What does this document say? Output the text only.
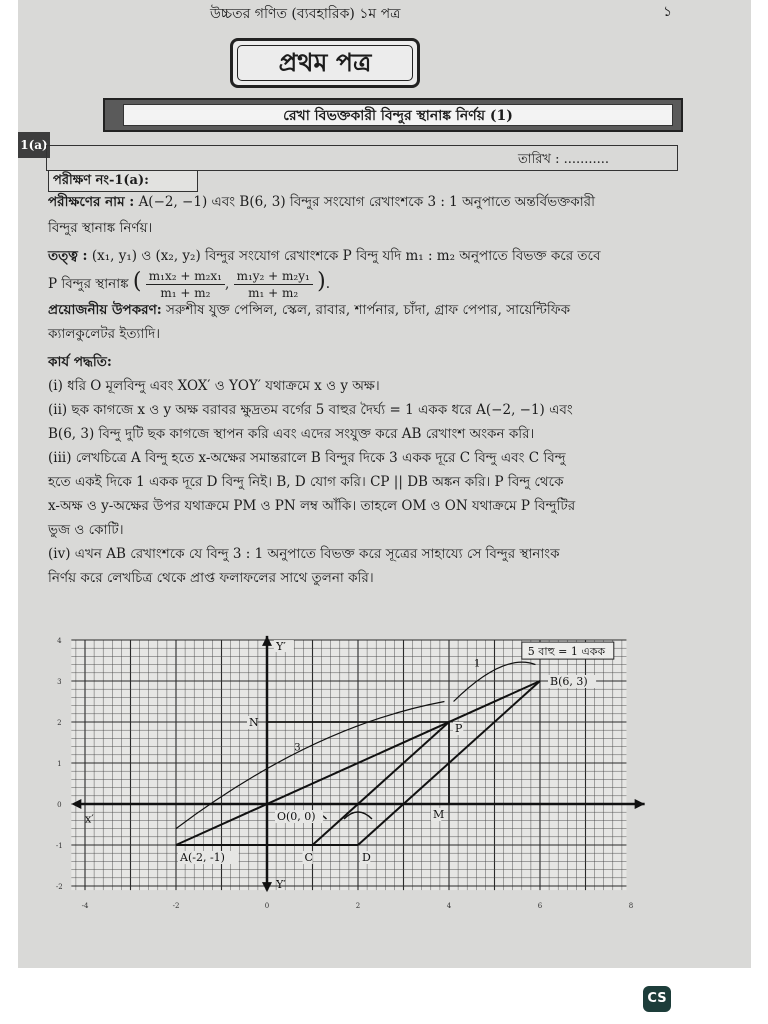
উচ্চতর গণিত (ব্যবহারিক) ১ম পত্র	১
প্রথম পত্র
রেখা বিভক্তকারী বিন্দুর স্থানাঙ্ক নির্ণয় (1)
1(a)
তারিখ : ...........
পরীক্ষণ নং-1(a):
পরীক্ষণের নাম : A(−2, −1) এবং B(6, 3) বিন্দুর সংযোগ রেখাংশকে 3 : 1 অনুপাতে অন্তর্বিভক্তকারী
বিন্দুর স্থানাঙ্ক নির্ণয়।
তত্ত্ব : (x₁, y₁) ও (x₂, y₂) বিন্দুর সংযোগ রেখাংশকে P বিন্দু যদি m₁ : m₂ অনুপাতে বিভক্ত করে তবে
P বিন্দুর স্থানাঙ্ক ( $\frac{\text{m₁x₂ + m₂x₁}}{\text{m₁ + m₂}}$ , $\frac{\text{m₁y₂ + m₂y₁}}{\text{m₁ + m₂}}$ ).
প্রয়োজনীয় উপকরণ: সরুশীষ যুক্ত পেন্সিল, স্কেল, রাবার, শার্পনার, চাঁদা, গ্রাফ পেপার, সায়েন্টিফিক
ক্যালকুলেটর ইত্যাদি।
কার্য পদ্ধতি:
(i) ধরি O মূলবিন্দু এবং XOX′ ও YOY′ যথাক্রমে x ও y অক্ষ।
(ii) ছক কাগজে x ও y অক্ষ বরাবর ক্ষুদ্রতম বর্গের 5 বাহুর দৈর্ঘ্য = 1 একক ধরে A(−2, −1) এবং
B(6, 3) বিন্দু দুটি ছক কাগজে স্থাপন করি এবং এদের সংযুক্ত করে AB রেখাংশ অংকন করি।
(iii) লেখচিত্রে A বিন্দু হতে x-অক্ষের সমান্তরালে B বিন্দুর দিকে 3 একক দূরে C বিন্দু এবং C বিন্দু
হতে একই দিকে 1 একক দূরে D বিন্দু নিই। B, D যোগ করি। CP || DB অঙ্কন করি। P বিন্দু থেকে
x-অক্ষ ও y-অক্ষের উপর যথাক্রমে PM ও PN লম্ব আঁকি। তাহলে OM ও ON যথাক্রমে P বিন্দুটির
ভুজ ও কোটি।
(iv) এখন AB রেখাংশকে যে বিন্দু 3 : 1 অনুপাতে বিভক্ত করে সূত্রের সাহায্যে সে বিন্দুর স্থানাংক
নির্ণয় করে লেখচিত্র থেকে প্রাপ্ত ফলাফলের সাথে তুলনা করি।
-4	-2	0	2	4	6	8
-2
-1
0
1
2
3
4
A(-2, -1)
B(6, 3)
O(0, 0)
C	D
P
M
N
3
1
x′
Y′
Y′
5 বাহু = 1 একক
CS
